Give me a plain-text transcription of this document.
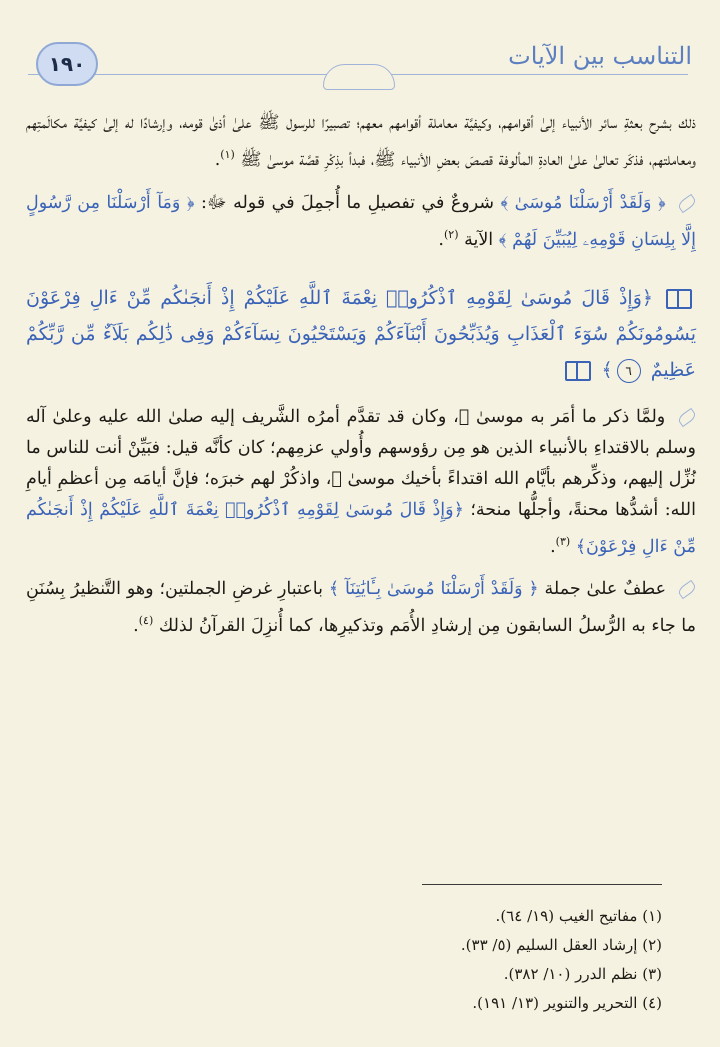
١٩٠	التناسب بين الآيات

ذلك بشرح بعثةِ سائر الأنبياء إلىٰ أقوامهم، وكيفيَّة معاملة أقوامهم معهم؛ تصبيرًا للرسول ﷺ علىٰ أذىٰ قومه، وإرشادًا له إلىٰ كيفيَّة مكالَمتِهم ومعاملتهم، فذكَر تعالىٰ علىٰ العادةِ المألوفة قصصَ بعضِ الأنبياء ﷺ، فبدأ بذِكْرِ قصَّة موسىٰ ﷺ $^{(١)}$.

﴿ وَلَقَدْ أَرْسَلْنَا مُوسَىٰ ﴾ شروعٌ في تفصيلِ ما أُجمِلَ في قوله ﷻ: ﴿ وَمَآ أَرْسَلْنَا مِن رَّسُولٍ إِلَّا بِلِسَانِ قَوْمِهِۦ لِيُبَيِّنَ لَهُمْ ﴾ الآية $^{(٢)}$.

﴿وَإِذْ قَالَ مُوسَىٰ لِقَوْمِهِ ٱذْكُرُوا۟ نِعْمَةَ ٱللَّهِ عَلَيْكُمْ إِذْ أَنجَىٰكُم مِّنْ ءَالِ فِرْعَوْنَ يَسُومُونَكُمْ سُوٓءَ ٱلْعَذَابِ وَيُذَبِّحُونَ أَبْنَآءَكُمْ وَيَسْتَحْيُونَ نِسَآءَكُمْ وَفِى ذَٰلِكُم بَلَآءٌ مِّن رَّبِّكُمْ عَظِيمٌ ٦﴾

ولمَّا ذكر ما أمَر به موسىٰ ﷺ، وكان قد تقدَّم أمرُه الشَّريف إليه صلىٰ الله عليه وعلىٰ آله وسلم بالاقتداءِ بالأنبياء الذين هو مِن رؤوسهم وأُولي عزمِهم؛ كان كأنَّه قيل: فبَيِّنْ أنت للناس ما نُزِّل إليهم، وذكِّرهم بأيَّام الله اقتداءً بأخيك موسىٰ ﷺ، واذكُرْ لهم خبرَه؛ فإنَّ أيامَه مِن أعظمِ أيامِ الله: أشدُّها محنةً، وأجلُّها منحة؛ ﴿وَإِذْ قَالَ مُوسَىٰ لِقَوْمِهِ ٱذْكُرُوا۟ نِعْمَةَ ٱللَّهِ عَلَيْكُمْ إِذْ أَنجَىٰكُم مِّنْ ءَالِ فِرْعَوْنَ﴾ $^{(٣)}$.

عطفٌ علىٰ جملة ﴿ وَلَقَدْ أَرْسَلْنَا مُوسَىٰ بِـَٔايَٰتِنَآ ﴾ باعتبارِ غرضِ الجملتين؛ وهو التَّنظيرُ بِسُنَنِ ما جاء به الرُّسلُ السابقون مِن إرشادِ الأُمَم وتذكيرِها، كما أُنزِلَ القرآنُ لذلك $^{(٤)}$.

(١) مفاتيح الغيب (١٩/ ٦٤).
(٢) إرشاد العقل السليم (٥/ ٣٣).
(٣) نظم الدرر (١٠/ ٣٨٢).
(٤) التحرير والتنوير (١٣/ ١٩١).
